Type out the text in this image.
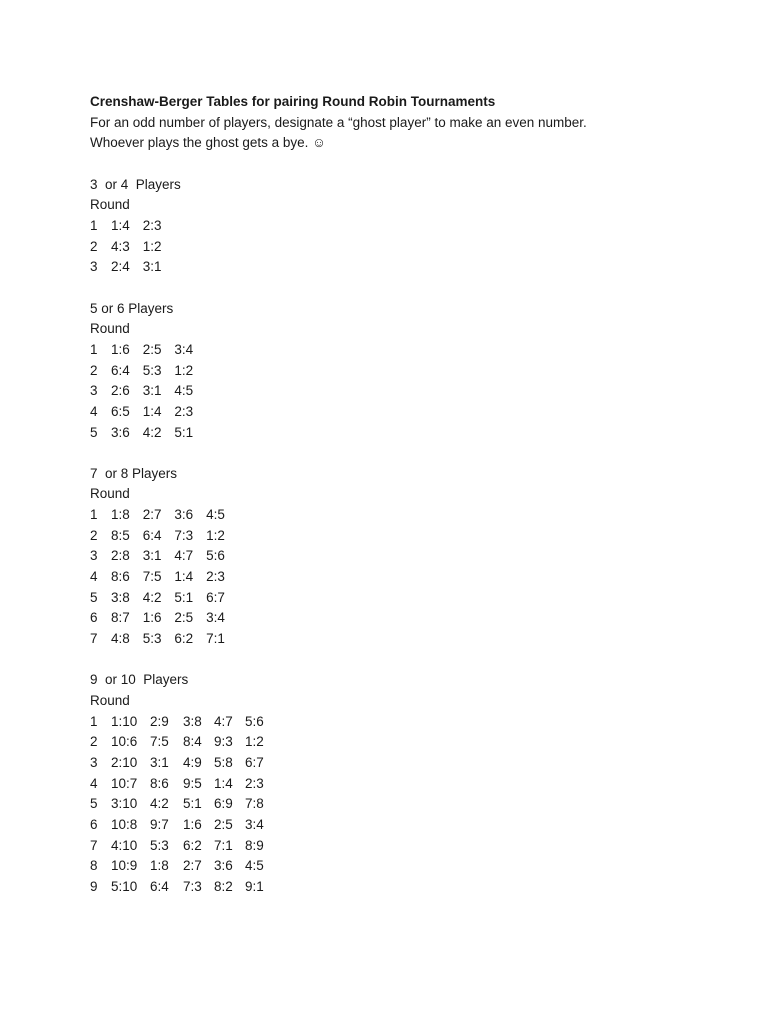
Crenshaw-Berger Tables for pairing Round Robin Tournaments
For an odd number of players, designate a “ghost player” to make an even number.
Whoever plays the ghost gets a bye. ☺
3  or 4  Players
Round
1 1:4 2:3
2 4:3 1:2
3 2:4 3:1
5 or 6 Players
Round
1 1:6 2:5 3:4
2 6:4 5:3 1:2
3 2:6 3:1 4:5
4 6:5 1:4 2:3
5 3:6 4:2 5:1
7  or 8 Players
Round
1 1:8 2:7 3:6 4:5
2 8:5 6:4 7:3 1:2
3 2:8 3:1 4:7 5:6
4 8:6 7:5 1:4 2:3
5 3:8 4:2 5:1 6:7
6 8:7 1:6 2:5 3:4
7 4:8 5:3 6:2 7:1
9  or 10  Players
Round
1 1:10 2:9	3:8 4:7 5:6
2 10:6 7:5	8:4 9:3 1:2
3 2:10 3:1	4:9 5:8 6:7
4 10:7 8:6	9:5 1:4 2:3
5 3:10 4:2	5:1 6:9 7:8
6 10:8 9:7	1:6 2:5 3:4
7 4:10 5:3	6:2 7:1 8:9
8 10:9 1:8	2:7 3:6 4:5
9 5:10 6:4	7:3 8:2 9:1
